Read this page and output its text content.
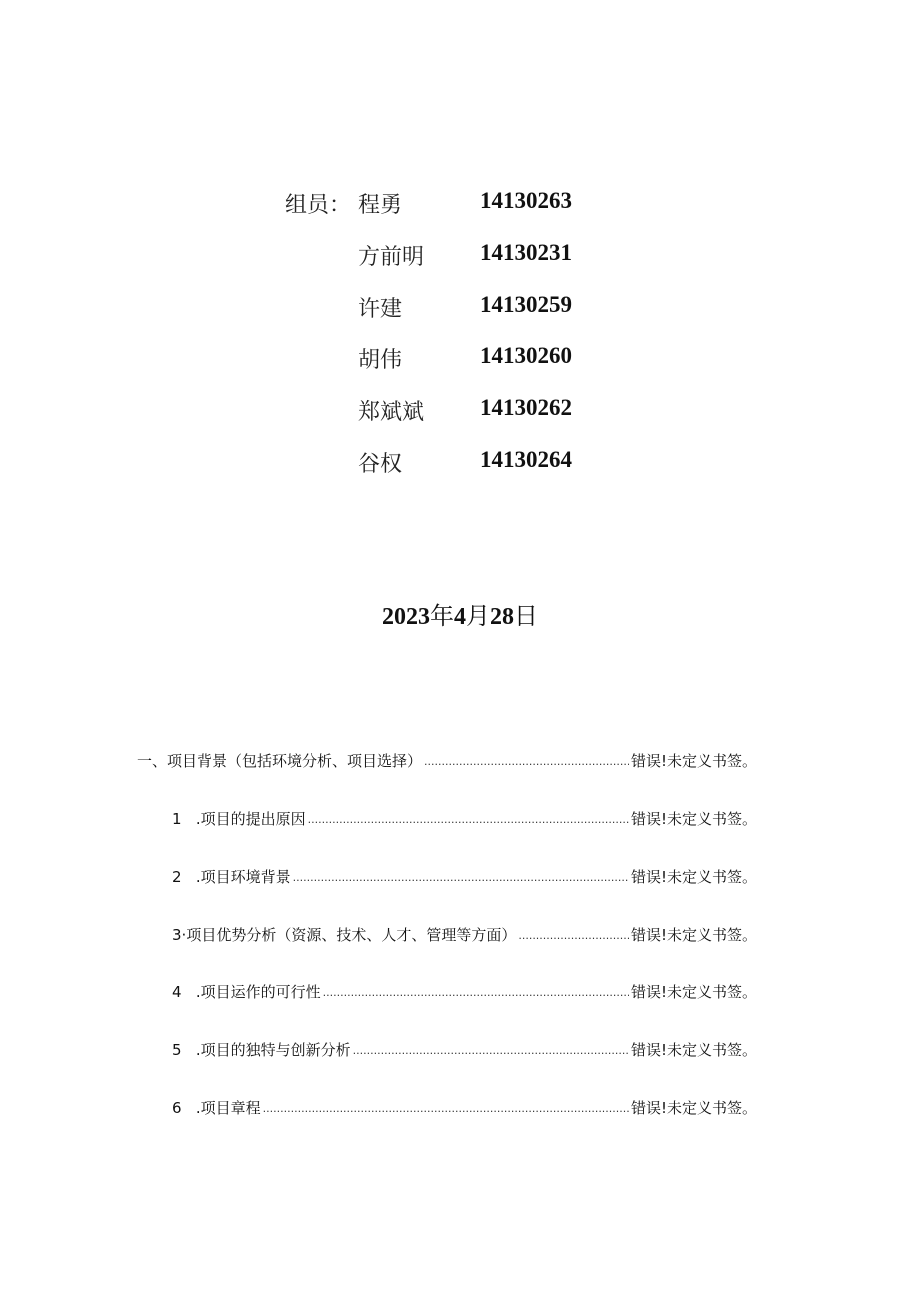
组员： 程勇	14130263
方前明 14130231
许建	14130259
胡伟	14130260
郑斌斌 14130262
谷权	14130264
2023年4月28日
一、 项目背景（包括环境分析、项目选择） .....	错误!未定义书签。
1 .项目的提出原因 .....	错误!未定义书签。
2 .项目环境背景 .....	错误!未定义书签。
3· 项目优势分析（资源、技术、人才、管理等方面） .....	错误!未定义书签。
4 .项目运作的可行性 .....	错误!未定义书签。
5 .项目的独特与创新分析 .....	错误!未定义书签。
6 .项目章程 .....	错误!未定义书签。
